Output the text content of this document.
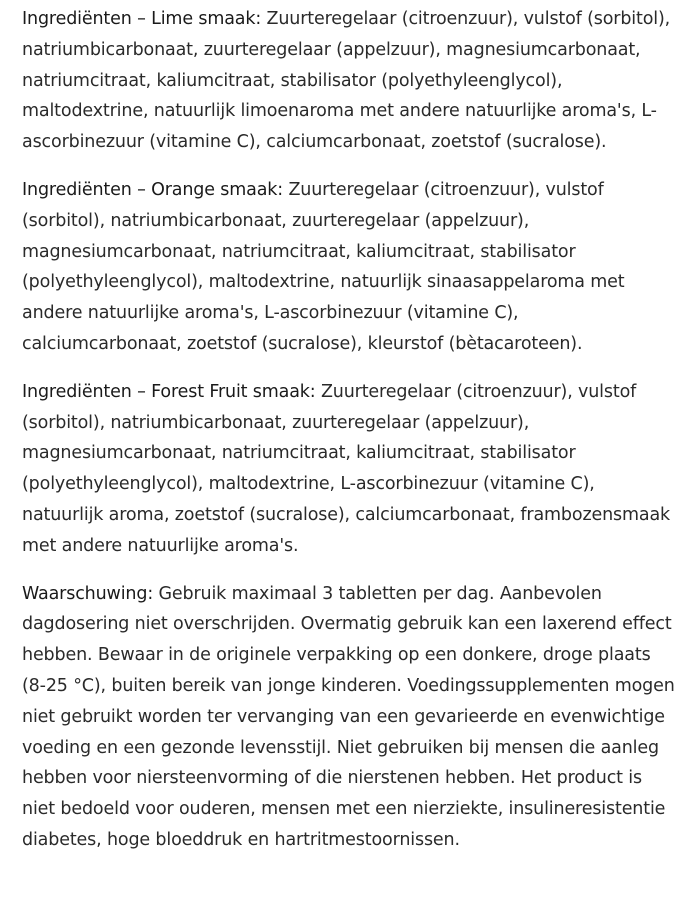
Ingrediënten – Lime smaak: Zuurteregelaar (citroenzuur), vulstof (sorbitol), natriumbicarbonaat, zuurteregelaar (appelzuur), magnesiumcarbonaat, natriumcitraat, kaliumcitraat, stabilisator (polyethyleenglycol), maltodextrine, natuurlijk limoenaroma met andere natuurlijke aroma's, L-ascorbinezuur (vitamine C), calciumcarbonaat, zoetstof (sucralose).

Ingrediënten – Orange smaak: Zuurteregelaar (citroenzuur), vulstof (sorbitol), natriumbicarbonaat, zuurteregelaar (appelzuur), magnesiumcarbonaat, natriumcitraat, kaliumcitraat, stabilisator (polyethyleenglycol), maltodextrine, natuurlijk sinaasappelaroma met andere natuurlijke aroma's, L-ascorbinezuur (vitamine C), calciumcarbonaat, zoetstof (sucralose), kleurstof (bètacaroteen).

Ingrediënten – Forest Fruit smaak: Zuurteregelaar (citroenzuur), vulstof (sorbitol), natriumbicarbonaat, zuurteregelaar (appelzuur), magnesiumcarbonaat, natriumcitraat, kaliumcitraat, stabilisator (polyethyleenglycol), maltodextrine, L-ascorbinezuur (vitamine C), natuurlijk aroma, zoetstof (sucralose), calciumcarbonaat, frambozensmaak met andere natuurlijke aroma's.

Waarschuwing: Gebruik maximaal 3 tabletten per dag. Aanbevolen dagdosering niet overschrijden. Overmatig gebruik kan een laxerend effect hebben. Bewaar in de originele verpakking op een donkere, droge plaats (8-25 °C), buiten bereik van jonge kinderen. Voedingssupplementen mogen niet gebruikt worden ter vervanging van een gevarieerde en evenwichtige voeding en een gezonde levensstijl. Niet gebruiken bij mensen die aanleg hebben voor niersteenvorming of die nierstenen hebben. Het product is niet bedoeld voor ouderen, mensen met een nierziekte, insulineresistentie diabetes, hoge bloeddruk en hartritmestoornissen.
